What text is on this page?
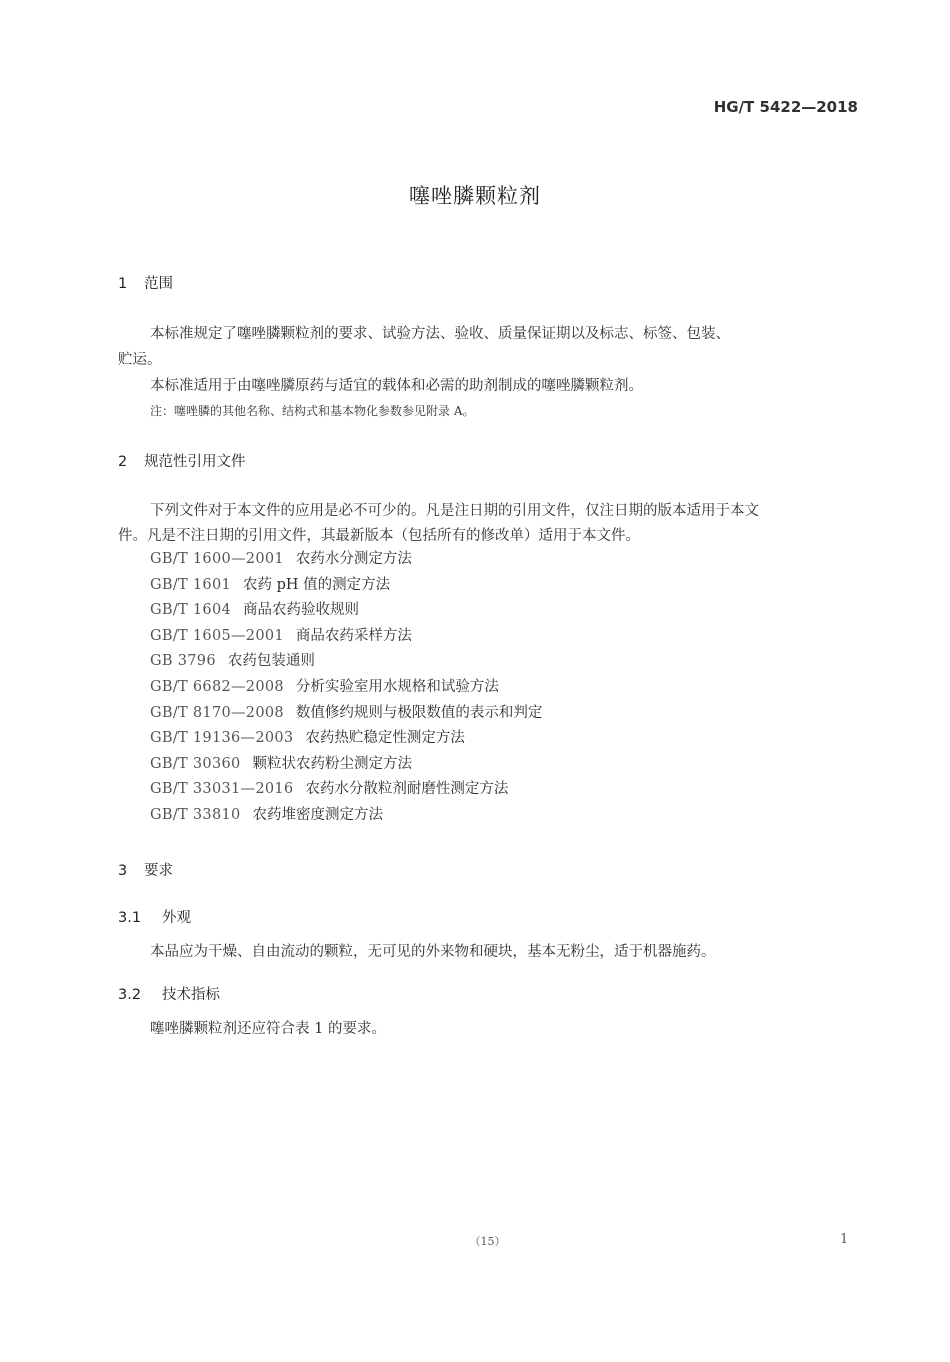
HG/T 5422—2018
噻唑膦颗粒剂
1 范围
本标准规定了噻唑膦颗粒剂的要求、试验方法、验收、质量保证期以及标志、标签、包装、
贮运。
本标准适用于由噻唑膦原药与适宜的载体和必需的助剂制成的噻唑膦颗粒剂。
注：噻唑膦的其他名称、结构式和基本物化参数参见附录 A。
2 规范性引用文件
下列文件对于本文件的应用是必不可少的。凡是注日期的引用文件，仅注日期的版本适用于本文
件。凡是不注日期的引用文件，其最新版本（包括所有的修改单）适用于本文件。
GB/T 1600—2001 农药水分测定方法
GB/T 1601 农药 pH 值的测定方法
GB/T 1604 商品农药验收规则
GB/T 1605—2001 商品农药采样方法
GB 3796 农药包装通则
GB/T 6682—2008 分析实验室用水规格和试验方法
GB/T 8170—2008 数值修约规则与极限数值的表示和判定
GB/T 19136—2003 农药热贮稳定性测定方法
GB/T 30360 颗粒状农药粉尘测定方法
GB/T 33031—2016 农药水分散粒剂耐磨性测定方法
GB/T 33810 农药堆密度测定方法
3 要求
3.1 外观
本品应为干燥、自由流动的颗粒，无可见的外来物和硬块，基本无粉尘，适于机器施药。
3.2 技术指标
噻唑膦颗粒剂还应符合表 1 的要求。
（15）	1
